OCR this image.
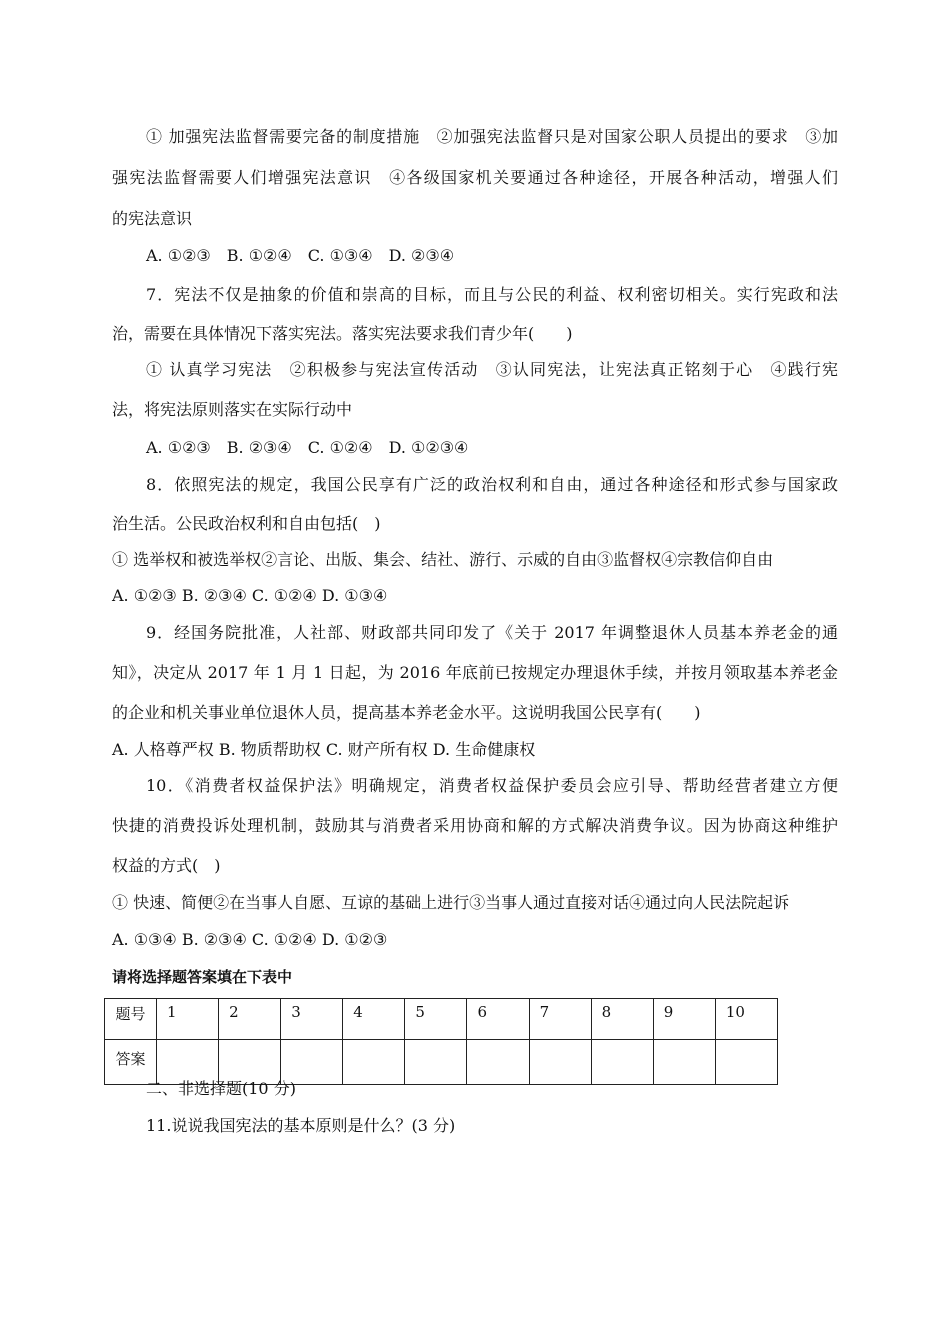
① 加强宪法监督需要完备的制度措施　②加强宪法监督只是对国家公职人员提出的要求　③加

强宪法监督需要人们增强宪法意识　④各级国家机关要通过各种途径，开展各种活动，增强人们

的宪法意识

A. ①②③　B. ①②④　C. ①③④　D. ②③④

7．宪法不仅是抽象的价值和崇高的目标，而且与公民的利益、权利密切相关。实行宪政和法

治，需要在具体情况下落实宪法。落实宪法要求我们青少年(　　)

① 认真学习宪法　②积极参与宪法宣传活动　③认同宪法，让宪法真正铭刻于心　④践行宪

法，将宪法原则落实在实际行动中

A. ①②③　B. ②③④　C. ①②④　D. ①②③④

8．依照宪法的规定，我国公民享有广泛的政治权利和自由，通过各种途径和形式参与国家政

治生活。公民政治权利和自由包括(　)

① 选举权和被选举权②言论、出版、集会、结社、游行、示威的自由③监督权④宗教信仰自由

A. ①②③ B. ②③④ C. ①②④ D. ①③④

9．经国务院批准，人社部、财政部共同印发了《关于 2017 年调整退休人员基本养老金的通

知》，决定从 2017 年 1 月 1 日起，为 2016 年底前已按规定办理退休手续，并按月领取基本养老金

的企业和机关事业单位退休人员，提高基本养老金水平。这说明我国公民享有(　　)

A. 人格尊严权 B. 物质帮助权 C. 财产所有权 D. 生命健康权

10．《消费者权益保护法》明确规定，消费者权益保护委员会应引导、帮助经营者建立方便

快捷的消费投诉处理机制，鼓励其与消费者采用协商和解的方式解决消费争议。因为协商这种维护

权益的方式(　)

① 快速、简便②在当事人自愿、互谅的基础上进行③当事人通过直接对话④通过向人民法院起诉

A. ①③④ B. ②③④ C. ①②④ D. ①②③

请将选择题答案填在下表中

题号	1	2	3	4	5	6	7	8	9	10
答案										

二、非选择题(10 分)

11.说说我国宪法的基本原则是什么？(3 分)
